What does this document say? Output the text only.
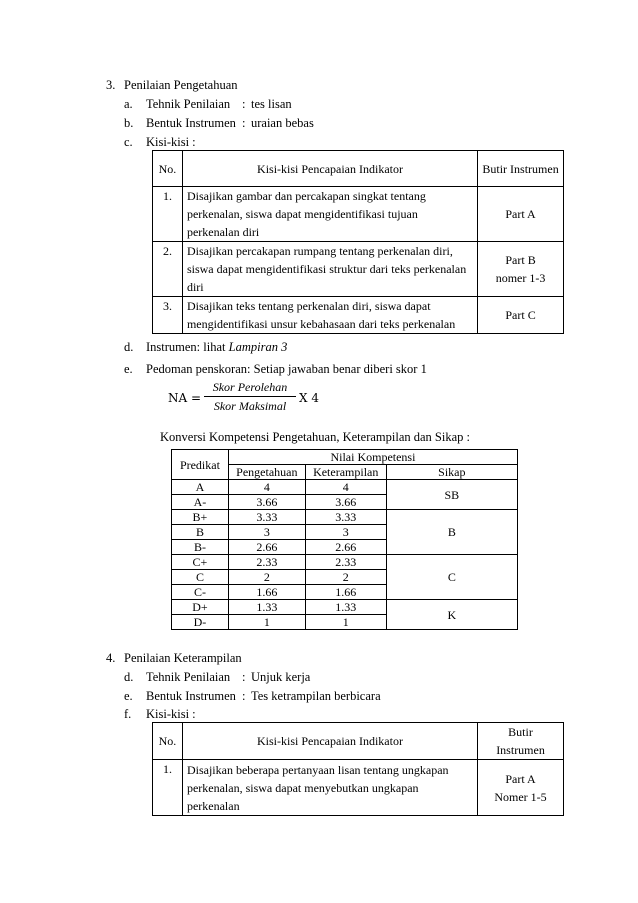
3. Penilaian Pengetahuan
a. Tehnik Penilaian : tes lisan
b. Bentuk Instrumen : uraian bebas
c. Kisi-kisi :
No.	Kisi-kisi Pencapaian Indikator	Butir Instrumen
1.	Disajikan gambar dan percakapan singkat tentang perkenalan, siswa dapat mengidentifikasi tujuan perkenalan diri	Part A
2.	Disajikan percakapan rumpang tentang perkenalan diri, siswa dapat mengidentifikasi struktur dari teks perkenalan diri	Part B nomer 1-3
3.	Disajikan teks tentang perkenalan diri, siswa dapat mengidentifikasi unsur kebahasaan dari teks perkenalan	Part C
d. Instrumen: lihat Lampiran 3
e. Pedoman penskoran: Setiap jawaban benar diberi skor 1
NA =
Skor Perolehan
Skor Maksimal
X 4
Konversi Kompetensi Pengetahuan, Keterampilan dan Sikap :
Predikat	Nilai Kompetensi		
	Pengetahuan	Keterampilan	Sikap
A	4	4	SB
A-	3.66	3.66	
B+	3.33	3.33	B
B	3	3	
B-	2.66	2.66	
C+	2.33	2.33	C
C	2	2	
C-	1.66	1.66	
D+	1.33	1.33	K
D-	1	1	
4. Penilaian Keterampilan
d. Tehnik Penilaian : Unjuk kerja
e. Bentuk Instrumen : Tes ketrampilan berbicara
f. Kisi-kisi :
No.	Kisi-kisi Pencapaian Indikator	Butir Instrumen
1.	Disajikan beberapa pertanyaan lisan tentang ungkapan perkenalan, siswa dapat menyebutkan ungkapan perkenalan	Part A Nomer 1-5
